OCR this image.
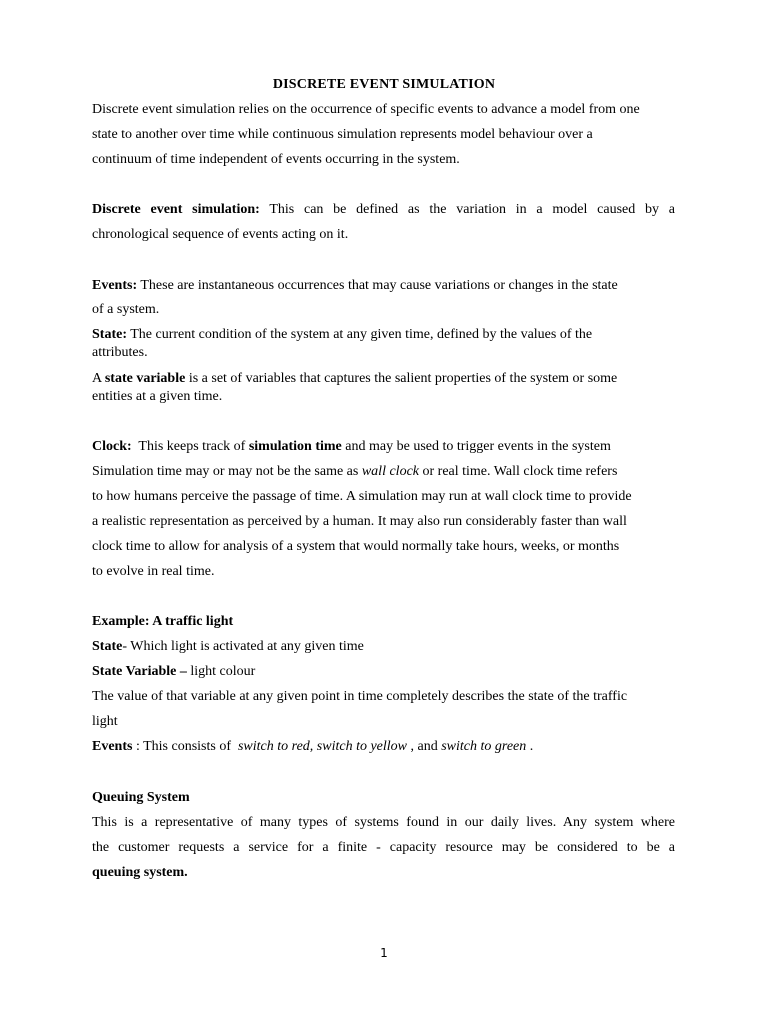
DISCRETE EVENT SIMULATION
Discrete event simulation relies on the occurrence of specific events to advance a model from one
state to another over time while continuous simulation represents model behaviour over a
continuum of time independent of events occurring in the system.
Discrete event simulation: This can be defined as the variation in a model caused by a
chronological sequence of events acting on it.
Events: These are instantaneous occurrences that may cause variations or changes in the state
of a system.
State: The current condition of the system at any given time, defined by the values of the
attributes.
A state variable is a set of variables that captures the salient properties of the system or some
entities at a given time.
Clock:  This keeps track of simulation time and may be used to trigger events in the system
Simulation time may or may not be the same as wall clock or real time. Wall clock time refers
to how humans perceive the passage of time. A simulation may run at wall clock time to provide
a realistic representation as perceived by a human. It may also run considerably faster than wall
clock time to allow for analysis of a system that would normally take hours, weeks, or months
to evolve in real time.
Example: A traffic light
State- Which light is activated at any given time
State Variable – light colour
The value of that variable at any given point in time completely describes the state of the traffic
light
Events : This consists of  switch to red, switch to yellow , and switch to green .
Queuing System
This is a representative of many types of systems found in our daily lives. Any system where
the customer requests a service for a finite - capacity resource may be considered to be a
queuing system.
1
